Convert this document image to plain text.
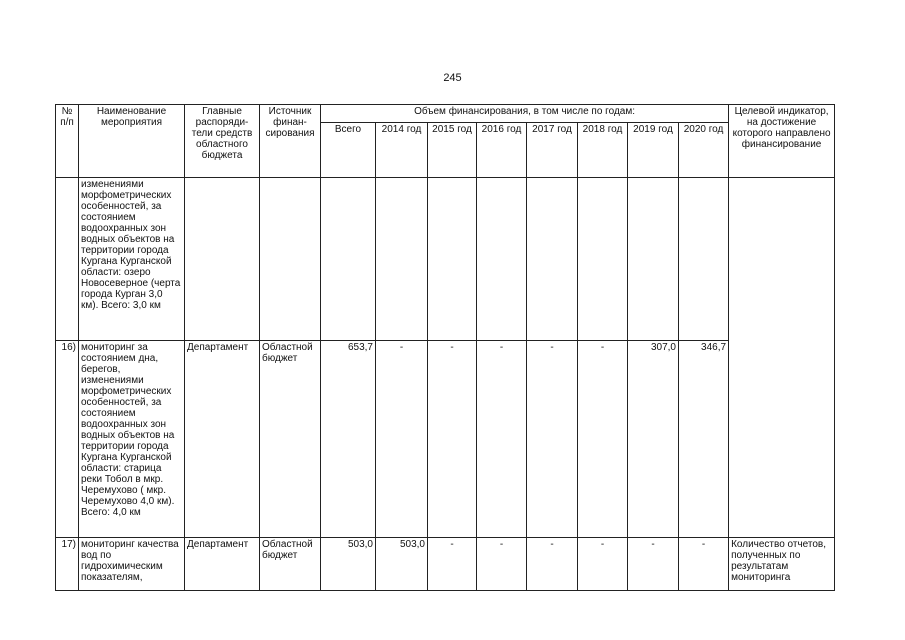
245
№ п/п	Наименование мероприятия	Главные распоряди-тели средств областного бюджета	Источник финан-сирования	Объем финансирования, в том числе по годам:								Целевой индикатор, на достижение которого направлено финансирование
				Всего	2014 год	2015 год	2016 год	2017 год	2018 год	2019 год	2020 год	
	изменениями морфометрических особенностей, за состоянием водоохранных зон водных объектов на территории города Кургана Курганской области: озеро Новосеверное (черта города Курган 3,0 км). Всего: 3,0 км											
16)	мониторинг за состоянием дна, берегов, изменениями морфометрических особенностей, за состоянием водоохранных зон водных объектов на территории города Кургана Курганской области: старица реки Тобол в мкр. Черемухово ( мкр. Черемухово 4,0 км). Всего: 4,0 км	Департамент	Областной бюджет	653,7	-	-	-	-	-	307,0	346,7	
17)	мониторинг качества вод по гидрохимическим показателям,	Департамент	Областной бюджет	503,0	503,0	-	-	-	-	-	-	Количество отчетов, полученных по результатам мониторинга
